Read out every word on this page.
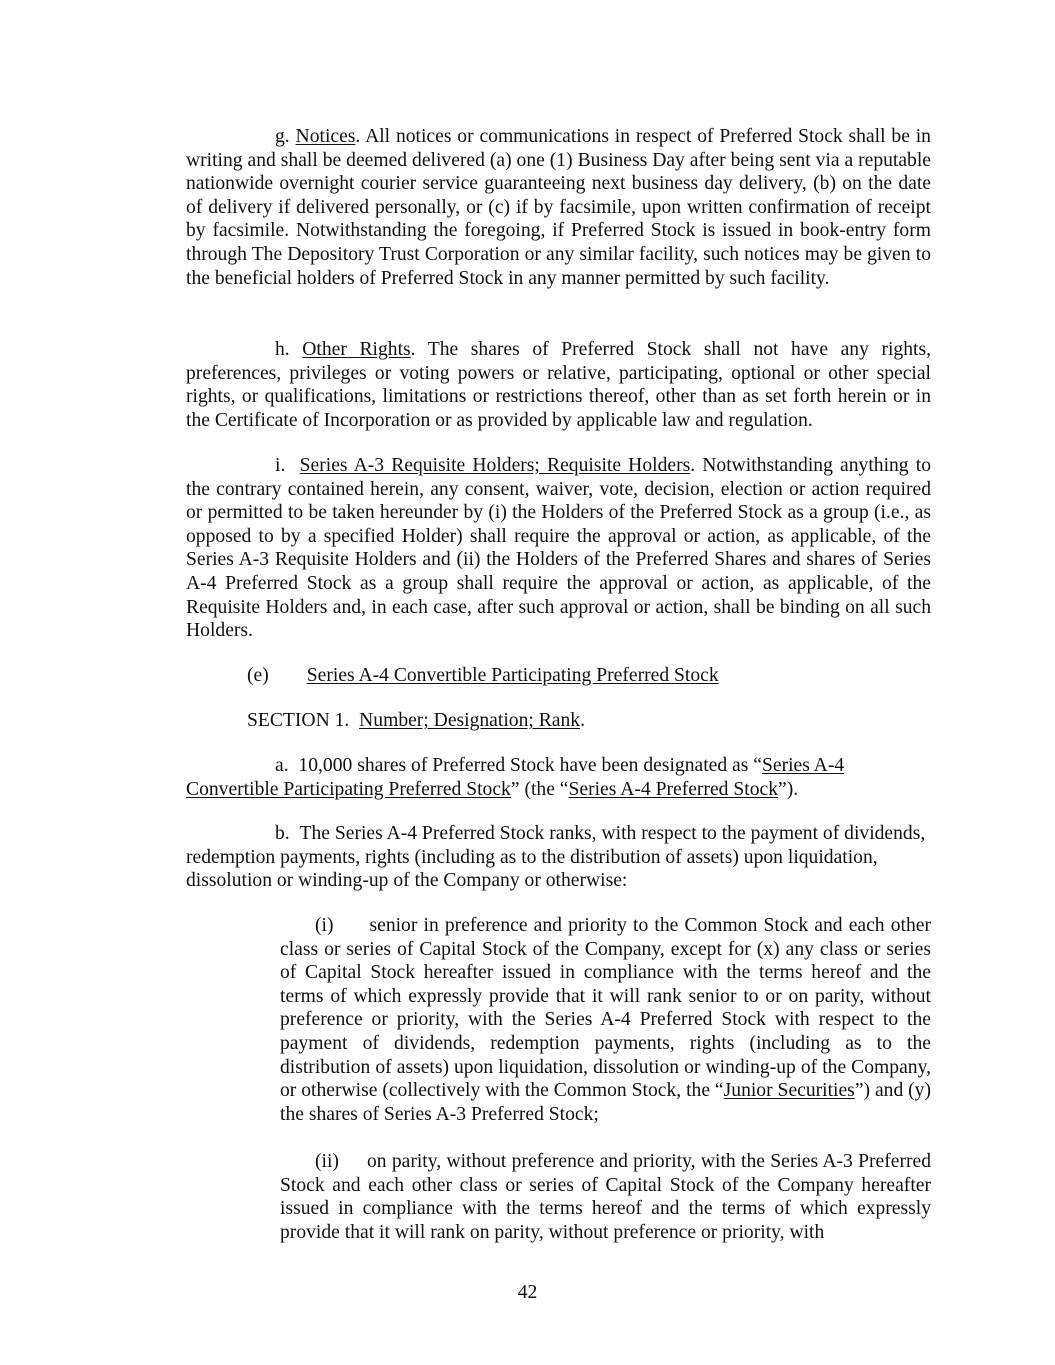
g. Notices. All notices or communications in respect of Preferred Stock shall be in writing and shall be deemed delivered (a) one (1) Business Day after being sent via a reputable nationwide overnight courier service guaranteeing next business day delivery, (b) on the date of delivery if delivered personally, or (c) if by facsimile, upon written confirmation of receipt by facsimile. Notwithstanding the foregoing, if Preferred Stock is issued in book-entry form through The Depository Trust Corporation or any similar facility, such notices may be given to the beneficial holders of Preferred Stock in any manner permitted by such facility.

h. Other Rights. The shares of Preferred Stock shall not have any rights, preferences, privileges or voting powers or relative, participating, optional or other special rights, or qualifications, limitations or restrictions thereof, other than as set forth herein or in the Certificate of Incorporation or as provided by applicable law and regulation.

i. Series A-3 Requisite Holders; Requisite Holders. Notwithstanding anything to the contrary contained herein, any consent, waiver, vote, decision, election or action required or permitted to be taken hereunder by (i) the Holders of the Preferred Stock as a group (i.e., as opposed to by a specified Holder) shall require the approval or action, as applicable, of the Series A-3 Requisite Holders and (ii) the Holders of the Preferred Shares and shares of Series A-4 Preferred Stock as a group shall require the approval or action, as applicable, of the Requisite Holders and, in each case, after such approval or action, shall be binding on all such Holders.

(e) Series A-4 Convertible Participating Preferred Stock

SECTION 1. Number; Designation; Rank.

a. 10,000 shares of Preferred Stock have been designated as “Series A-4 Convertible Participating Preferred Stock” (the “Series A-4 Preferred Stock”).

b. The Series A-4 Preferred Stock ranks, with respect to the payment of dividends, redemption payments, rights (including as to the distribution of assets) upon liquidation, dissolution or winding-up of the Company or otherwise:

(i) senior in preference and priority to the Common Stock and each other class or series of Capital Stock of the Company, except for (x) any class or series of Capital Stock hereafter issued in compliance with the terms hereof and the terms of which expressly provide that it will rank senior to or on parity, without preference or priority, with the Series A-4 Preferred Stock with respect to the payment of dividends, redemption payments, rights (including as to the distribution of assets) upon liquidation, dissolution or winding-up of the Company, or otherwise (collectively with the Common Stock, the “Junior Securities”) and (y) the shares of Series A-3 Preferred Stock;

(ii) on parity, without preference and priority, with the Series A-3 Preferred Stock and each other class or series of Capital Stock of the Company hereafter issued in compliance with the terms hereof and the terms of which expressly provide that it will rank on parity, without preference or priority, with

42
